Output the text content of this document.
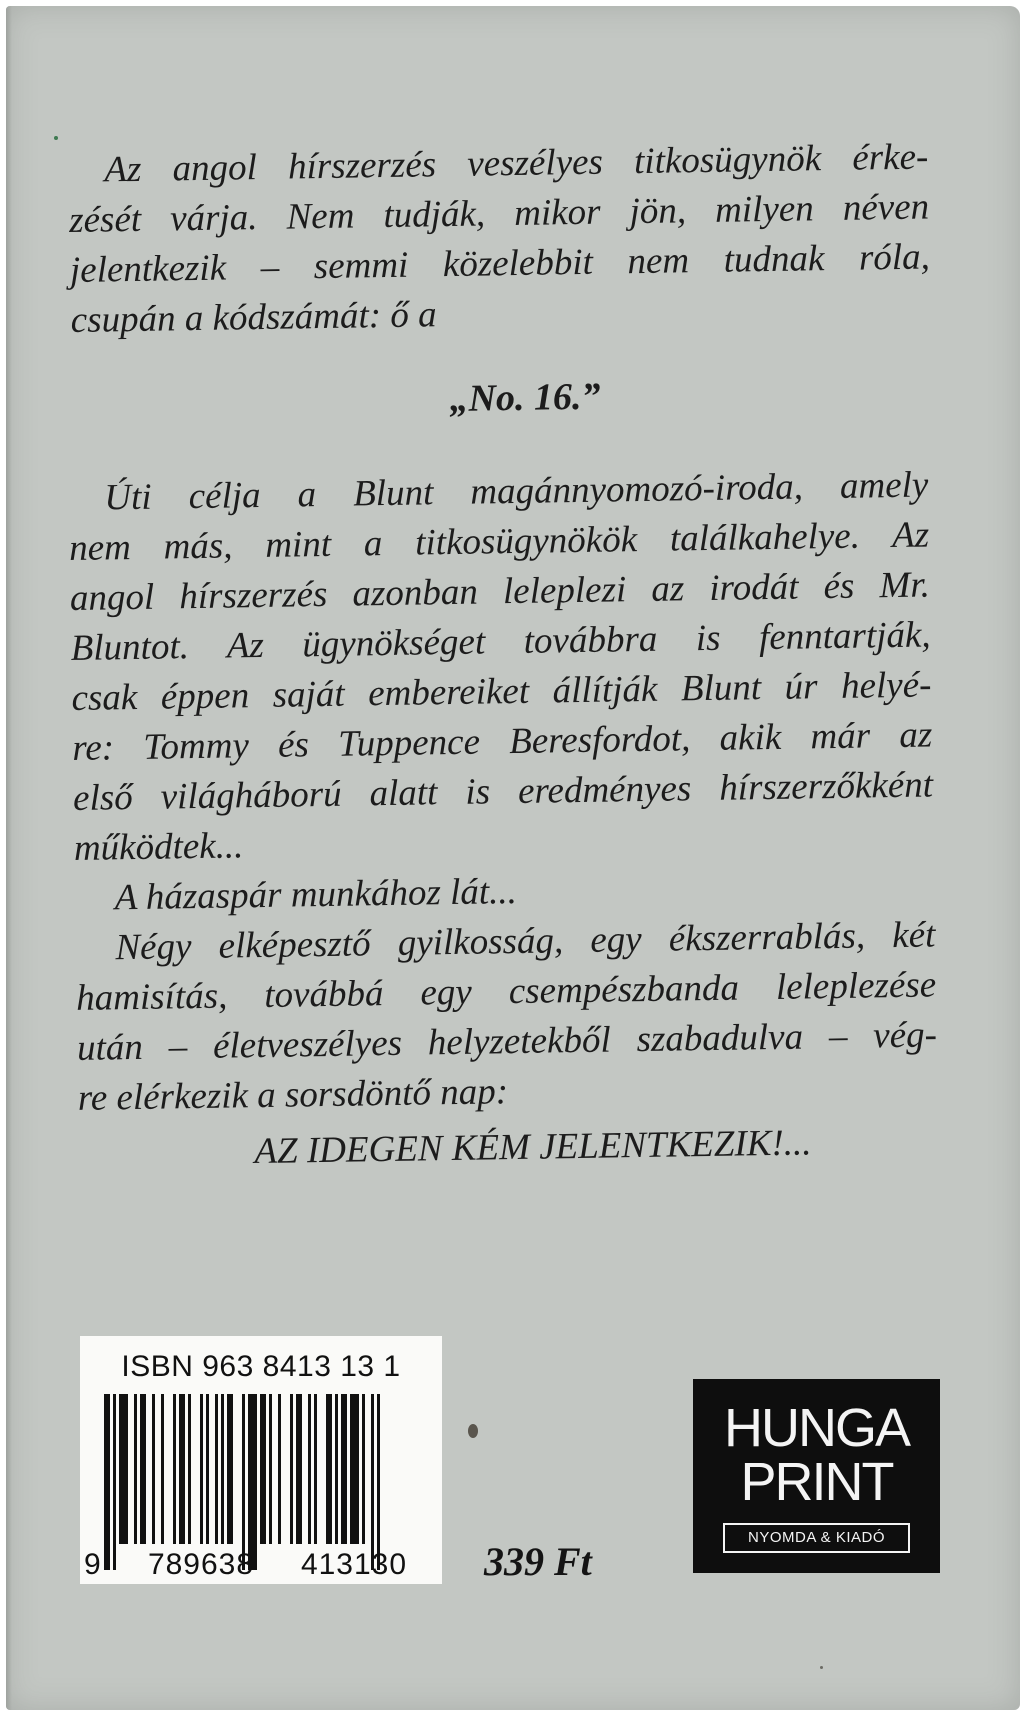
Az angol hírszerzés veszélyes titkosügynök érke-
zését várja. Nem tudják, mikor jön, milyen néven
jelentkezik – semmi közelebbit nem tudnak róla,
csupán a kódszámát: ő a
„No. 16.”
Úti célja a Blunt magánnyomozó-iroda, amely
nem más, mint a titkosügynökök találkahelye. Az
angol hírszerzés azonban leleplezi az irodát és Mr.
Bluntot. Az ügynökséget továbbra is fenntartják,
csak éppen saját embereiket állítják Blunt úr helyé-
re: Tommy és Tuppence Beresfordot, akik már az
első világháború alatt is eredményes hírszerzőkként
működtek...
A házaspár munkához lát...
Négy elképesztő gyilkosság, egy ékszerrablás, két
hamisítás, továbbá egy csempészbanda leleplezése
után – életveszélyes helyzetekből szabadulva – vég-
re elérkezik a sorsdöntő nap:
AZ IDEGEN KÉM JELENTKEZIK!...
ISBN 963 8413 13 1
9	789638	413130	339 Ft
HUNGA
PRINT
NYOMDA & KIADÓ
